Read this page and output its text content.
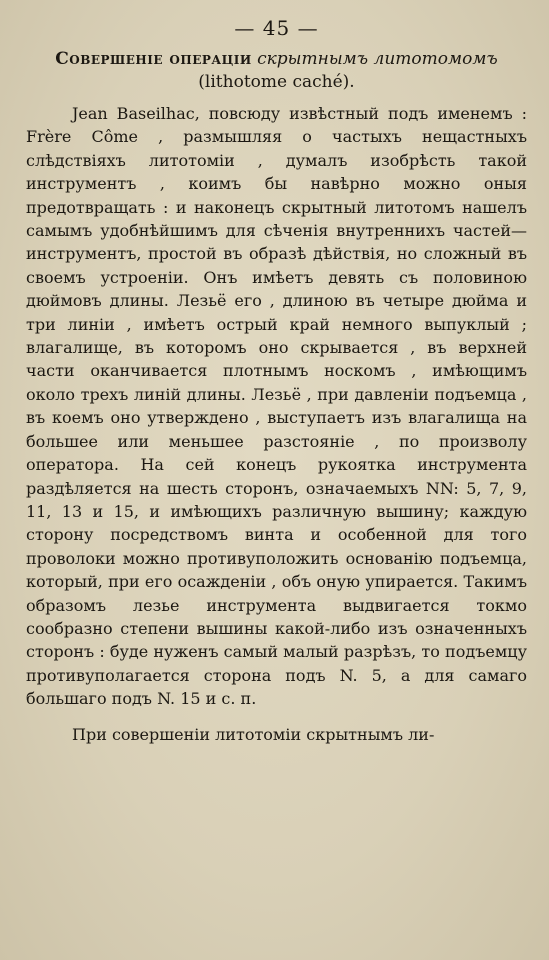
— 45 —
Совершеніе операціи скрытнымъ литотомомъ
(lithotome caché).

Jean Baseilhac, повсюду извѣстный подъ именемъ : Frère Côme , размышляя о частыхъ нещастныхъ слѣдствіяхъ литотоміи , думалъ изобрѣсть такой инструментъ , коимъ бы навѣрно можно оныя предотвращать : и наконецъ скрытный литотомъ нашелъ самымъ удобнѣйшимъ для сѣченія внутреннихъ частей—инструментъ, простой въ образѣ дѣйствія, но сложный въ своемъ устроеніи. Онъ имѣетъ девять съ половиною дюймовъ длины. Лезьё его , длиною въ четыре дюйма и три линіи , имѣетъ острый край немного выпуклый ; влагалище, въ которомъ оно скрывается , въ верхней части оканчивается плотнымъ носкомъ , имѣющимъ около трехъ линій длины. Лезьё , при давленіи подъемца , въ коемъ оно утверждено , выступаетъ изъ влагалища на большее или меньшее разстояніе , по произволу оператора. На сей конецъ рукоятка инструмента раздѣляется на шесть сторонъ, означаемыхъ NN: 5, 7, 9, 11, 13 и 15, и имѣющихъ различную вышину; каждую сторону посредствомъ винта и особенной для того проволоки можно противуположить основанію подъемца, который, при его осажденіи , объ оную упирается. Такимъ образомъ лезье инструмента выдвигается токмо сообразно степени вышины какой-либо изъ означенныхъ сторонъ : буде нуженъ самый малый разрѣзъ, то подъемцу противуполагается сторона подъ N. 5, а для самаго большаго подъ N. 15 и с. п.

При совершеніи литотоміи скрытнымъ ли-
